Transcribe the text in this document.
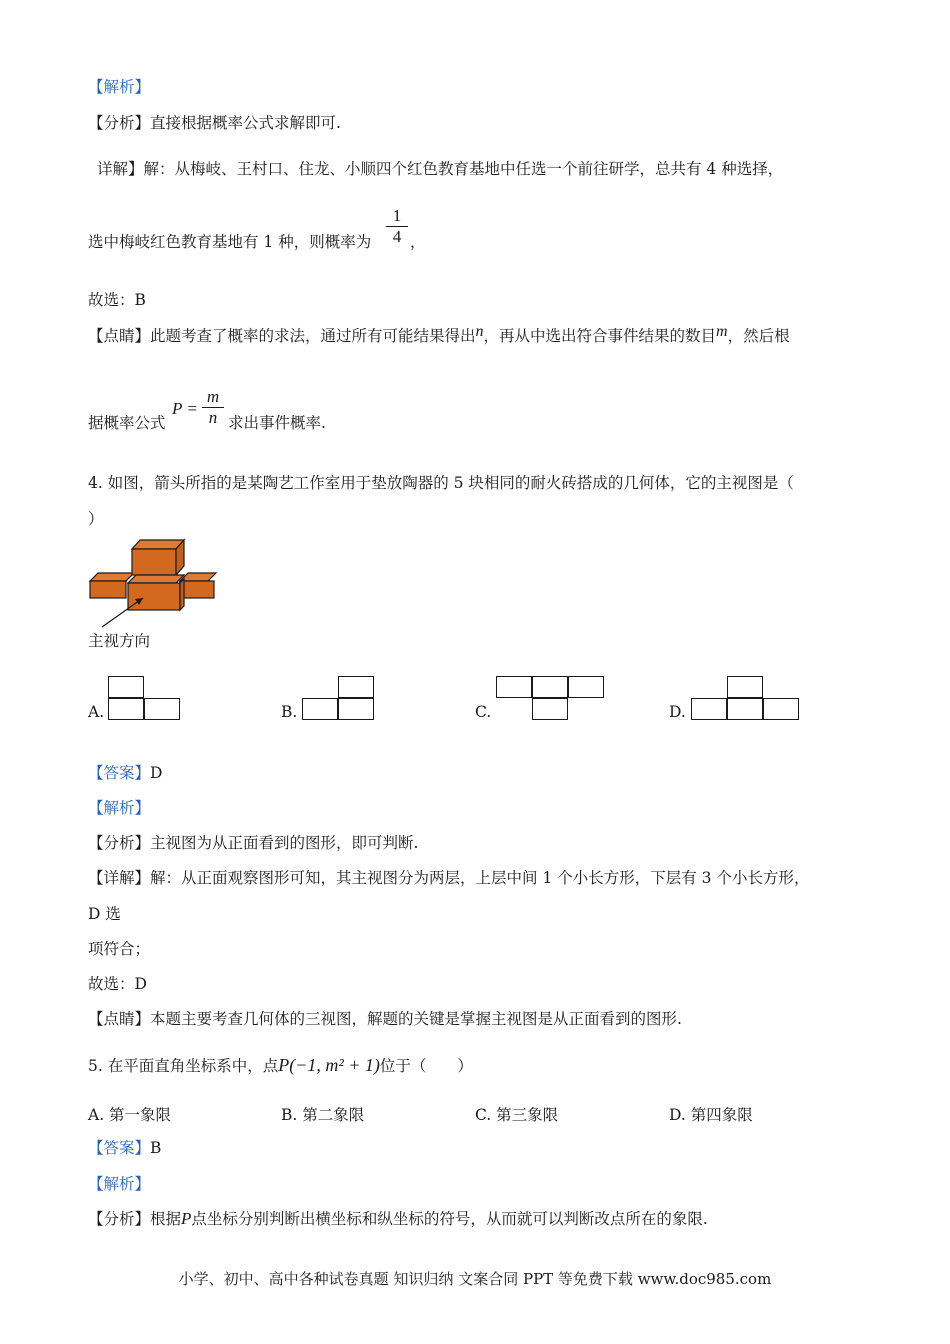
【解析】
【分析】直接根据概率公式求解即可.
详解】解：从梅岐、王村口、住龙、小顺四个红色教育基地中任选一个前往研学，总共有 4 种选择，
选中梅岐红色教育基地有 1 种，则概率为 $\frac{1}{4}$ ，
故选：B
【点睛】此题考查了概率的求法，通过所有可能结果得出n，再从中选出符合事件结果的数目m，然后根
据概率公式
$P = \frac{m}{n}$ 求出事件概率.
4. 如图，箭头所指的是某陶艺工作室用于垫放陶器的 5 块相同的耐火砖搭成的几何体，它的主视图是（
）
主视方向
A.	B.	C.	D.
【答案】D
【解析】
【分析】主视图为从正面看到的图形，即可判断.
【详解】解：从正面观察图形可知，其主视图分为两层，上层中间 1 个小长方形，下层有 3 个小长方形，
D 选
项符合；
故选：D
【点睛】本题主要考查几何体的三视图，解题的关键是掌握主视图是从正面看到的图形.
5. 在平面直角坐标系中，点P(−1, m² + 1)位于（　　）
A. 第一象限	B. 第二象限	C. 第三象限	D. 第四象限
【答案】B
【解析】
【分析】根据P点坐标分别判断出横坐标和纵坐标的符号，从而就可以判断改点所在的象限.
小学、初中、高中各种试卷真题 知识归纳 文案合同 PPT 等免费下载 www.doc985.com
